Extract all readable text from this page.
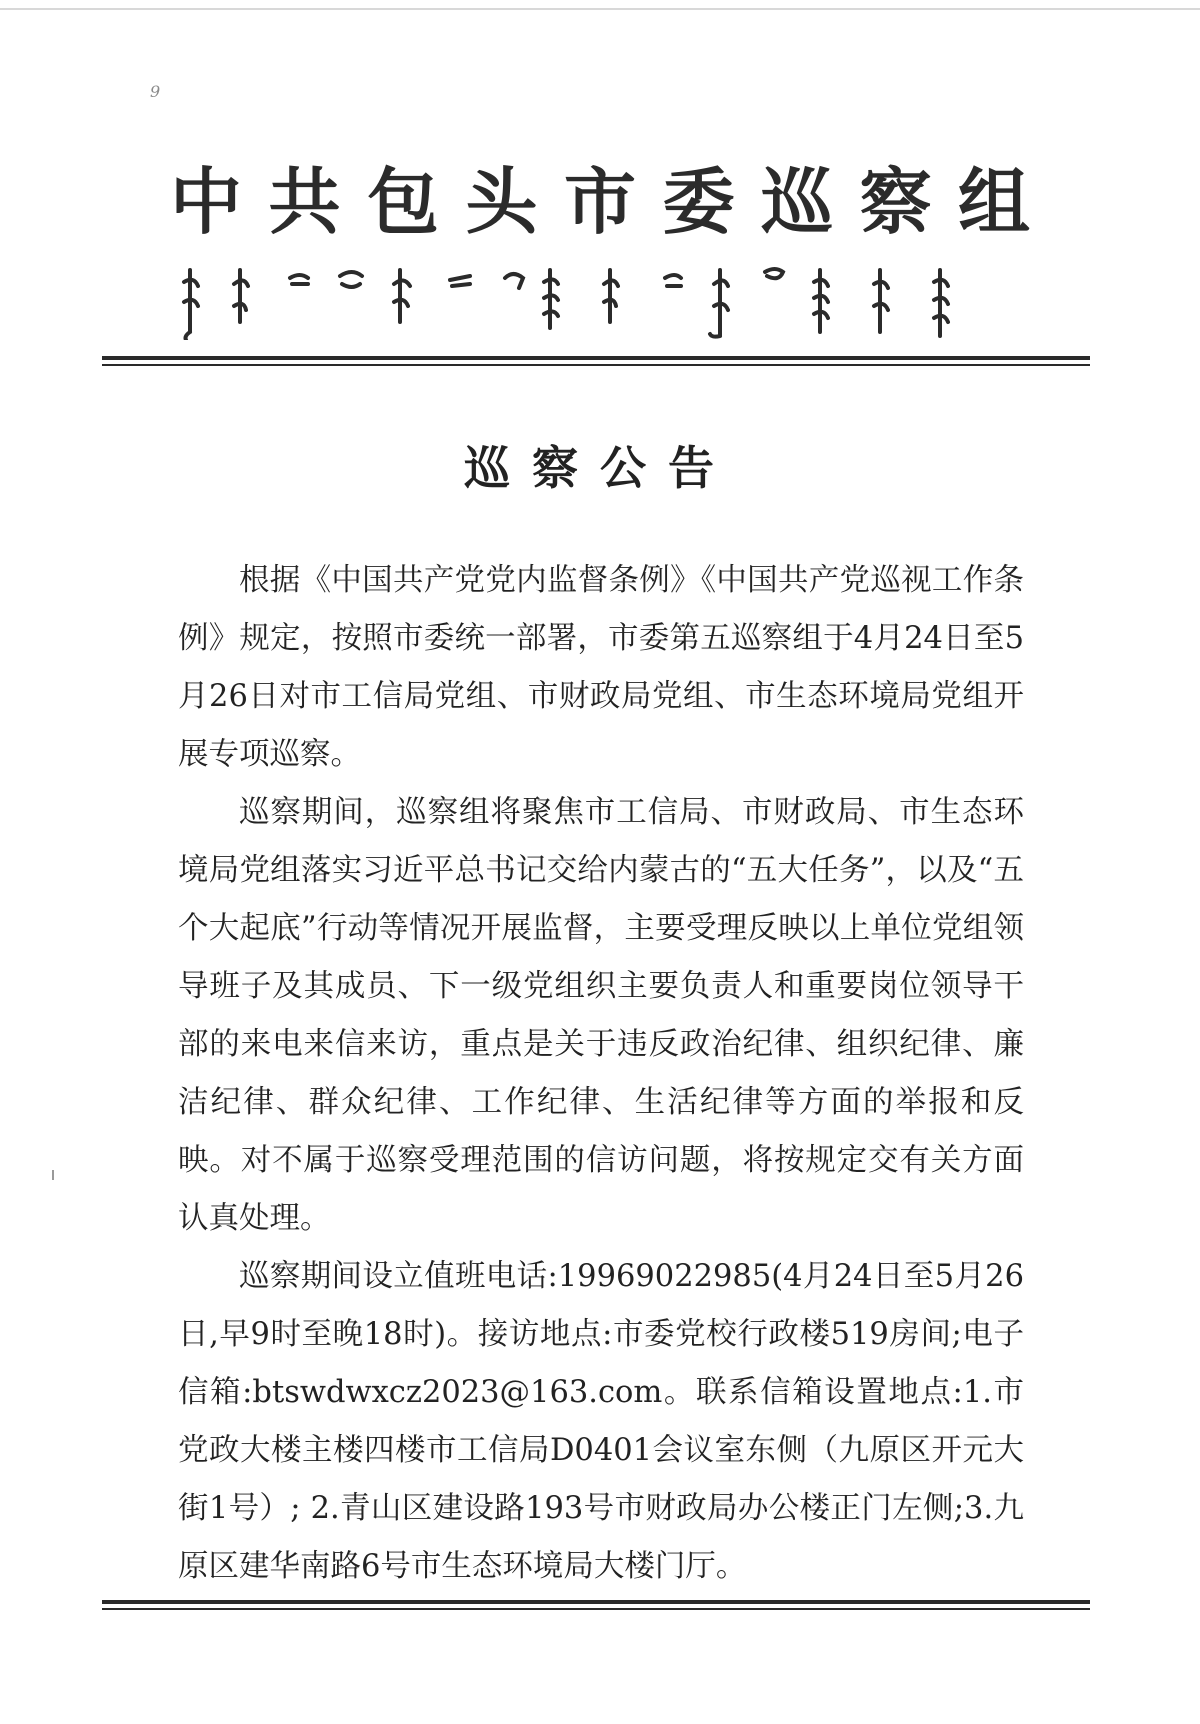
9
中共包头市委巡察组
巡察公告

根据《中国共产党党内监督条例》《中国共产党巡视工作条例》规定，按照市委统一部署，市委第五巡察组于4月24日至5月26日对市工信局党组、市财政局党组、市生态环境局党组开展专项巡察。

巡察期间，巡察组将聚焦市工信局、市财政局、市生态环境局党组落实习近平总书记交给内蒙古的“五大任务”，以及“五个大起底”行动等情况开展监督，主要受理反映以上单位党组领导班子及其成员、下一级党组织主要负责人和重要岗位领导干部的来电来信来访，重点是关于违反政治纪律、组织纪律、廉洁纪律、群众纪律、工作纪律、生活纪律等方面的举报和反映。对不属于巡察受理范围的信访问题，将按规定交有关方面认真处理。

巡察期间设立值班电话:19969022985(4月24日至5月26日,早9时至晚18时)。接访地点:市委党校行政楼519房间;电子信箱:btswdwxcz2023@163.com。联系信箱设置地点:1.市党政大楼主楼四楼市工信局D0401会议室东侧（九原区开元大街1号）; 2.青山区建设路193号市财政局办公楼正门左侧;3.九原区建华南路6号市生态环境局大楼门厅。
